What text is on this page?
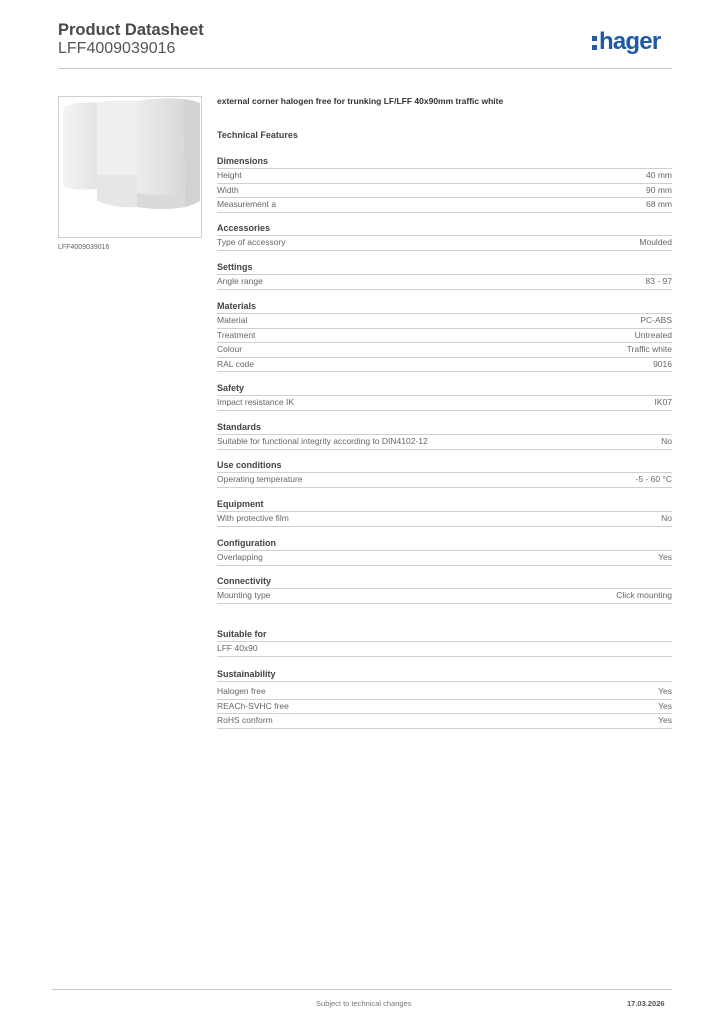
Product Datasheet
LFF4009039016	hager
LFF4009039016
external corner halogen free for trunking LF/LFF 40x90mm traffic white
Technical Features
Dimensions
Height	40 mm
Width	90 mm
Measurement a	68 mm
Accessories
Type of accessory	Moulded
Settings
Angle range	83 - 97
Materials
Material	PC-ABS
Treatment	Untreated
Colour	Traffic white
RAL code	9016
Safety
Impact resistance IK	IK07
Standards
Suitable for functional integrity according to DIN4102-12	No
Use conditions
Operating temperature	-5 - 60 °C
Equipment
With protective film	No
Configuration
Overlapping	Yes
Connectivity
Mounting type	Click mounting
Suitable for
LFF 40x90
Sustainability
Halogen free	Yes
REACh-SVHC free	Yes
RoHS conform	Yes
Subject to technical changes	17.03.2026
